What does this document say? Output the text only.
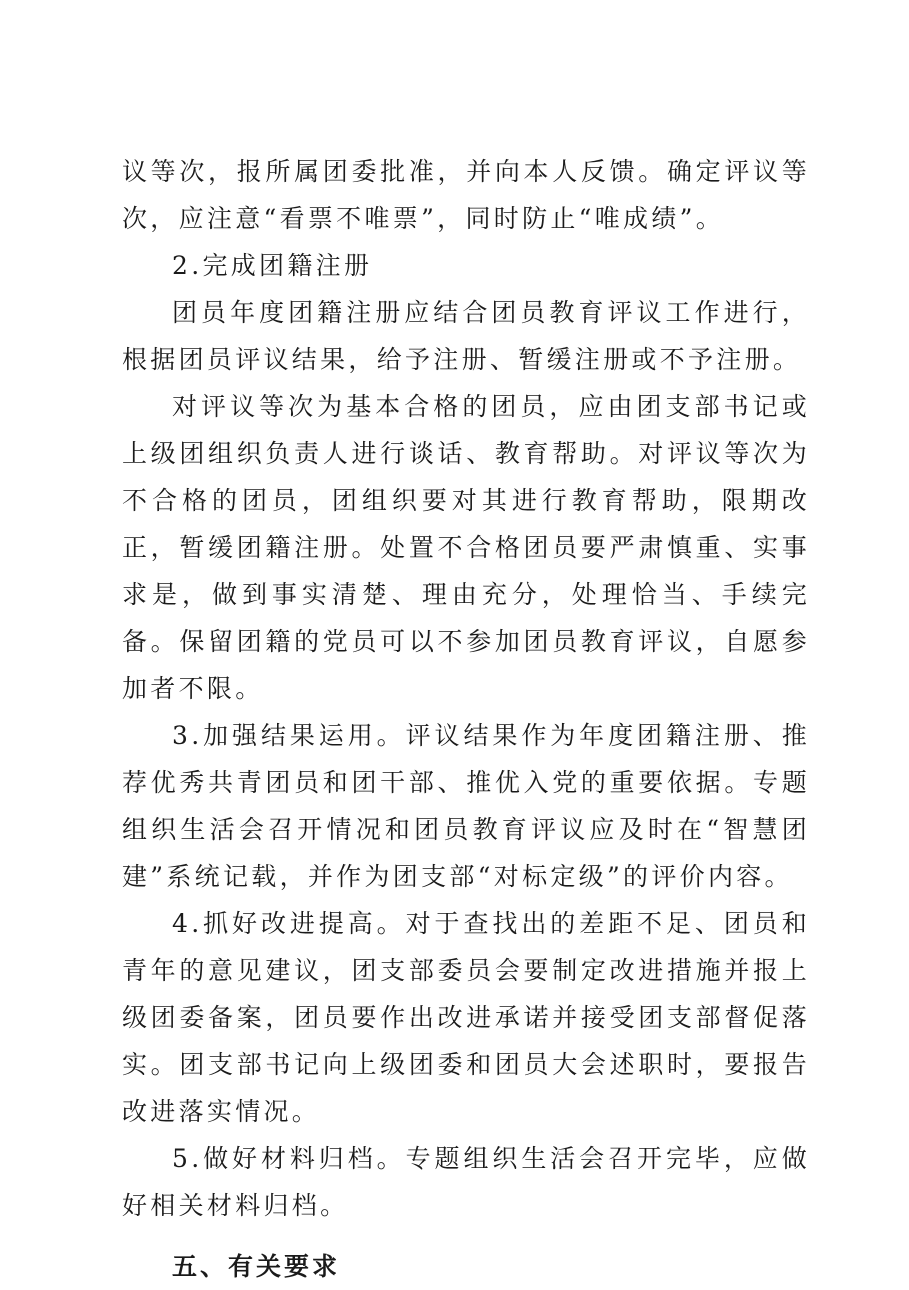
议等次，报所属团委批准，并向本人反馈。确定评议等次，应注意“看票不唯票”，同时防止“唯成绩”。

2.完成团籍注册

团员年度团籍注册应结合团员教育评议工作进行，根据团员评议结果，给予注册、暂缓注册或不予注册。

对评议等次为基本合格的团员，应由团支部书记或上级团组织负责人进行谈话、教育帮助。对评议等次为不合格的团员，团组织要对其进行教育帮助，限期改正，暂缓团籍注册。处置不合格团员要严肃慎重、实事求是，做到事实清楚、理由充分，处理恰当、手续完备。保留团籍的党员可以不参加团员教育评议，自愿参加者不限。

3.加强结果运用。评议结果作为年度团籍注册、推荐优秀共青团员和团干部、推优入党的重要依据。专题组织生活会召开情况和团员教育评议应及时在“智慧团建”系统记载，并作为团支部“对标定级”的评价内容。

4.抓好改进提高。对于查找出的差距不足、团员和青年的意见建议，团支部委员会要制定改进措施并报上级团委备案，团员要作出改进承诺并接受团支部督促落实。团支部书记向上级团委和团员大会述职时，要报告改进落实情况。

5.做好材料归档。专题组织生活会召开完毕，应做好相关材料归档。

五、有关要求
